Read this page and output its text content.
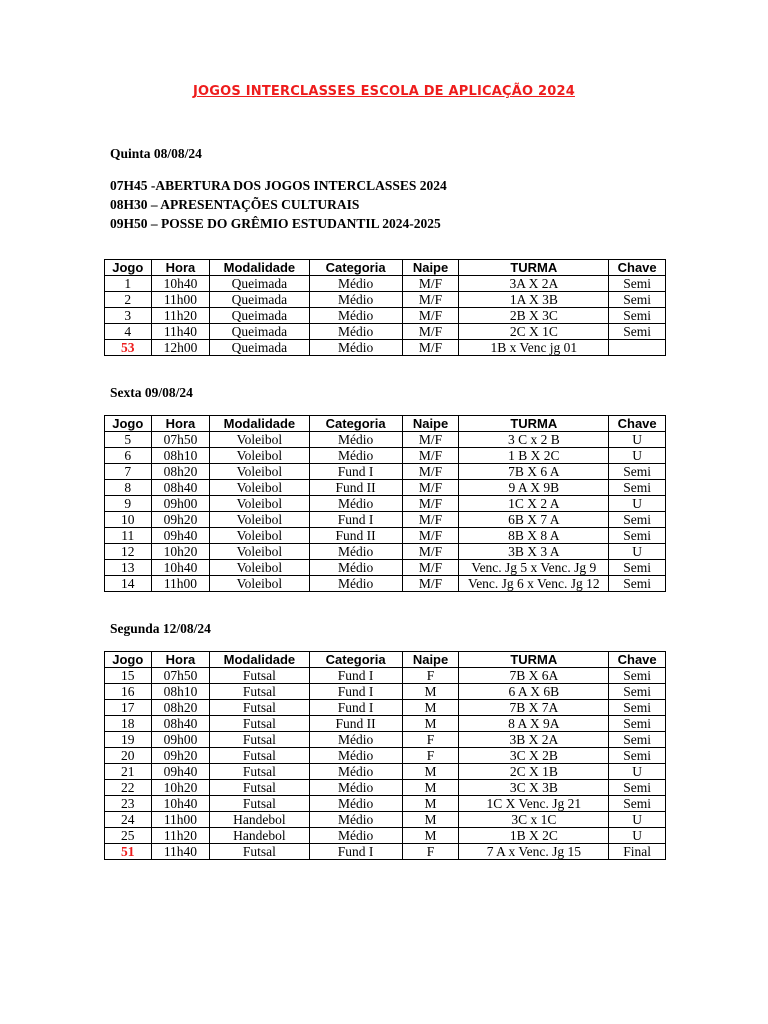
JOGOS INTERCLASSES ESCOLA DE APLICAÇÃO 2024
Quinta 08/08/24
07H45 -ABERTURA DOS JOGOS INTERCLASSES 2024
08H30 – APRESENTAÇÕES CULTURAIS
09H50 – POSSE DO GRÊMIO ESTUDANTIL 2024-2025
Jogo	Hora	Modalidade	Categoria	Naipe	TURMA	Chave
1	10h40	Queimada	Médio	M/F	3A X 2A	Semi
2	11h00	Queimada	Médio	M/F	1A X 3B	Semi
3	11h20	Queimada	Médio	M/F	2B X 3C	Semi
4	11h40	Queimada	Médio	M/F	2C X 1C	Semi
53	12h00	Queimada	Médio	M/F	1B x Venc jg 01	
Sexta 09/08/24
Jogo	Hora	Modalidade	Categoria	Naipe	TURMA	Chave
5	07h50	Voleibol	Médio	M/F	3 C x 2 B	U
6	08h10	Voleibol	Médio	M/F	1 B X 2C	U
7	08h20	Voleibol	Fund I	M/F	7B X 6 A	Semi
8	08h40	Voleibol	Fund II	M/F	9 A X 9B	Semi
9	09h00	Voleibol	Médio	M/F	1C X 2 A	U
10	09h20	Voleibol	Fund I	M/F	6B X 7 A	Semi
11	09h40	Voleibol	Fund II	M/F	8B X 8 A	Semi
12	10h20	Voleibol	Médio	M/F	3B X 3 A	U
13	10h40	Voleibol	Médio	M/F	Venc. Jg 5 x Venc. Jg 9	Semi
14	11h00	Voleibol	Médio	M/F	Venc. Jg 6 x Venc. Jg 12	Semi
Segunda 12/08/24
Jogo	Hora	Modalidade	Categoria	Naipe	TURMA	Chave
15	07h50	Futsal	Fund I	F	7B X 6A	Semi
16	08h10	Futsal	Fund I	M	6 A X 6B	Semi
17	08h20	Futsal	Fund I	M	7B X 7A	Semi
18	08h40	Futsal	Fund II	M	8 A X 9A	Semi
19	09h00	Futsal	Médio	F	3B X 2A	Semi
20	09h20	Futsal	Médio	F	3C X 2B	Semi
21	09h40	Futsal	Médio	M	2C X 1B	U
22	10h20	Futsal	Médio	M	3C X 3B	Semi
23	10h40	Futsal	Médio	M	1C X Venc. Jg 21	Semi
24	11h00	Handebol	Médio	M	3C x 1C	U
25	11h20	Handebol	Médio	M	1B X 2C	U
51	11h40	Futsal	Fund I	F	7 A x Venc. Jg 15	Final
